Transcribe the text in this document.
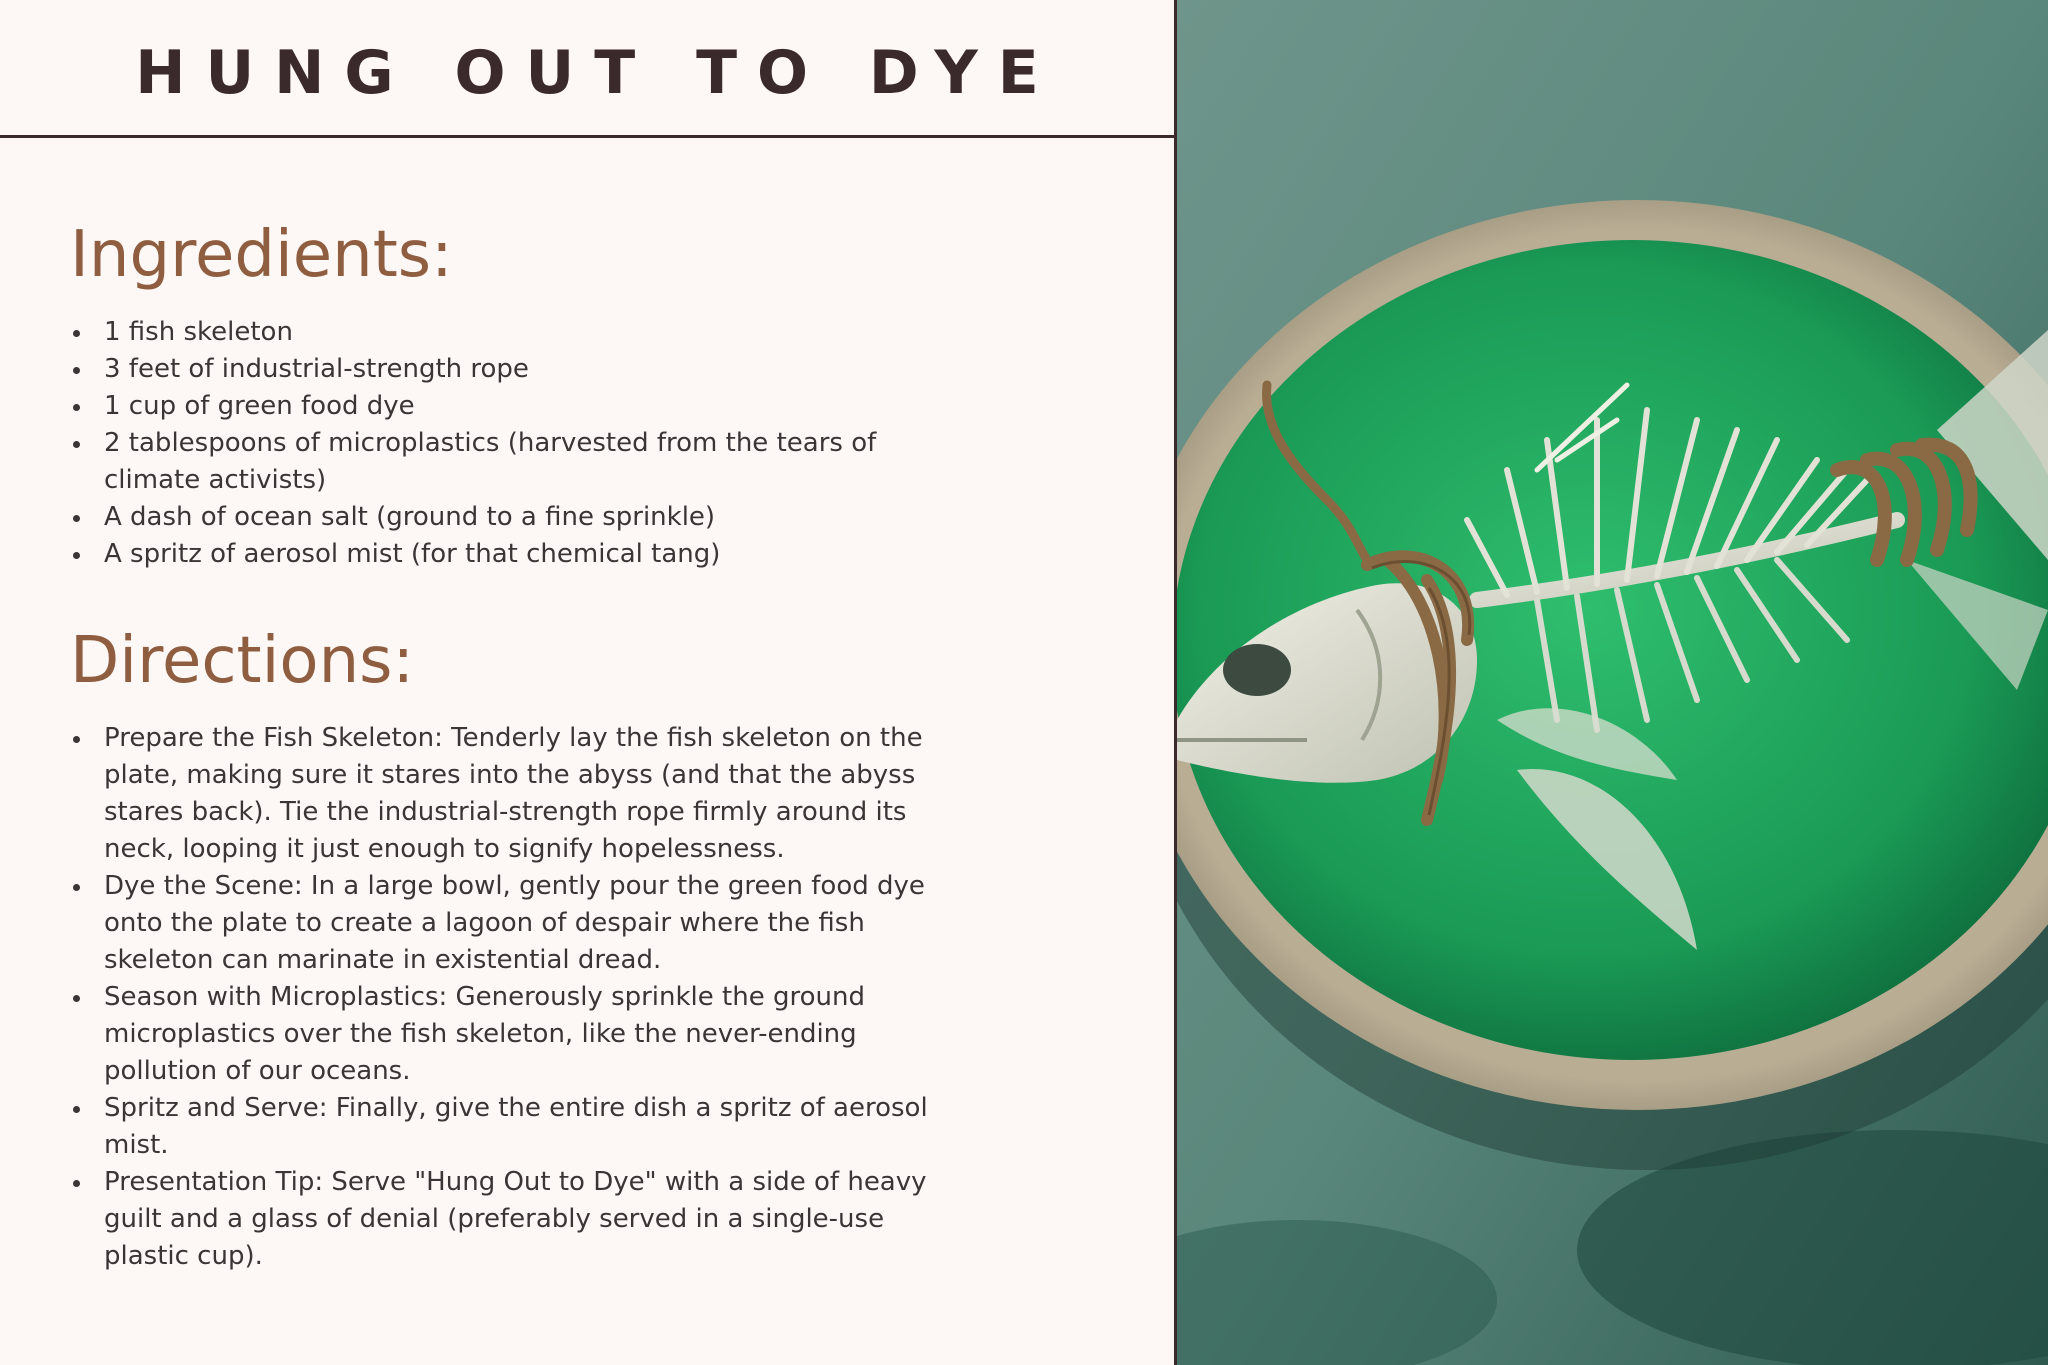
HUNG OUT TO DYE
Ingredients:
1 fish skeleton
3 feet of industrial-strength rope
1 cup of green food dye
2 tablespoons of microplastics (harvested from the tears of climate activists)
A dash of ocean salt (ground to a fine sprinkle)
A spritz of aerosol mist (for that chemical tang)
Directions:
Prepare the Fish Skeleton: Tenderly lay the fish skeleton on the plate, making sure it stares into the abyss (and that the abyss stares back). Tie the industrial-strength rope firmly around its neck, looping it just enough to signify hopelessness.
Dye the Scene: In a large bowl, gently pour the green food dye onto the plate to create a lagoon of despair where the fish skeleton can marinate in existential dread.
Season with Microplastics: Generously sprinkle the ground microplastics over the fish skeleton, like the never-ending pollution of our oceans.
Spritz and Serve: Finally, give the entire dish a spritz of aerosol mist.
Presentation Tip: Serve "Hung Out to Dye" with a side of heavy guilt and a glass of denial (preferably served in a single-use plastic cup).
